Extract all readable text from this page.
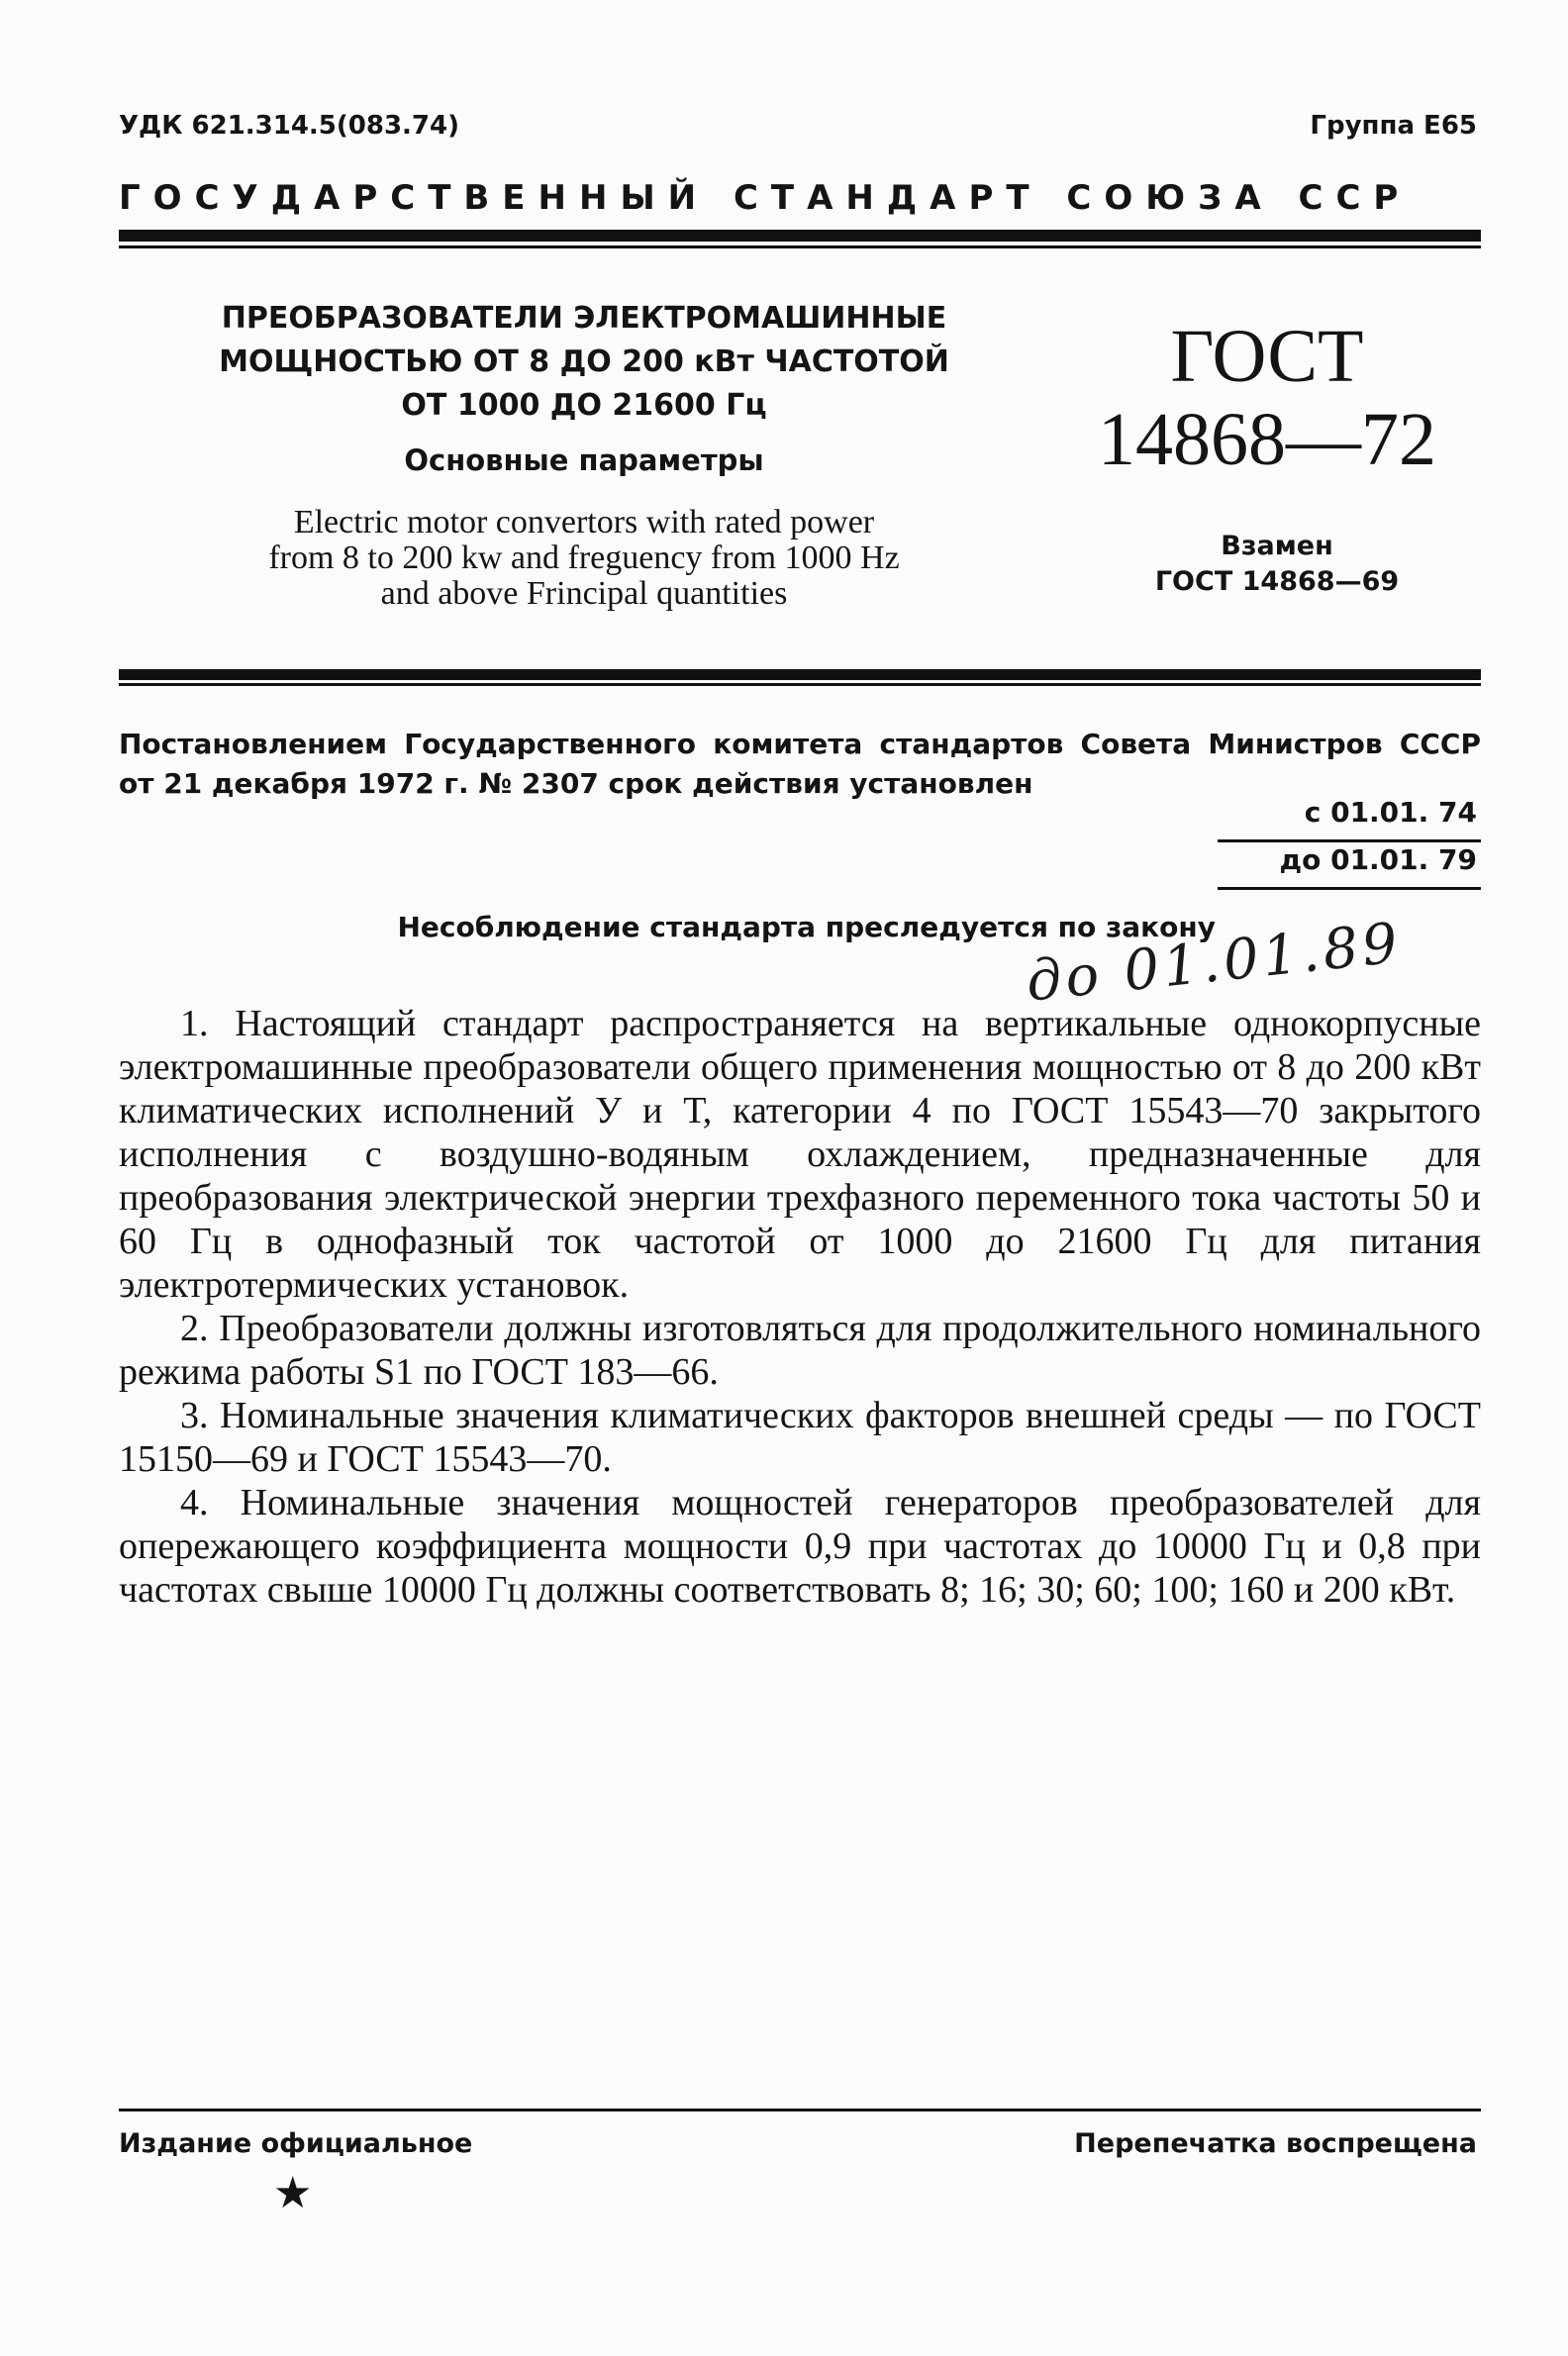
УДК 621.314.5(083.74)	Группа Е65
ГОСУДАРСТВЕННЫЙ СТАНДАРТ СОЮЗА ССР
ПРЕОБРАЗОВАТЕЛИ ЭЛЕКТРОМАШИННЫЕ
МОЩНОСТЬЮ ОТ 8 ДО 200 кВт ЧАСТОТОЙ
ОТ 1000 ДО 21600 Гц
Основные параметры
Electric motor convertors with rated power
from 8 to 200 kw and freguency from 1000 Hz
and above Frincipal quantities
ГОСТ
14868—72
Взамен
ГОСТ 14868—69
Постановлением Государственного комитета стандартов Совета Министров СССР от 21 декабря 1972 г. № 2307 срок действия установлен
с 01.01. 74
до 01.01. 79
Несоблюдение стандарта преследуется по закону
до 01.01.89

1. Настоящий стандарт распространяется на вертикальные однокорпусные электромашинные преобразователи общего применения мощностью от 8 до 200 кВт климатических исполнений У и Т, категории 4 по ГОСТ 15543—70 закрытого исполнения с воздушно-водяным охлаждением, предназначенные для преобразования электрической энергии трехфазного переменного тока частоты 50 и 60 Гц в однофазный ток частотой от 1000 до 21600 Гц для питания электротермических установок.

2. Преобразователи должны изготовляться для продолжительного номинального режима работы S1 по ГОСТ 183—66.

3. Номинальные значения климатических факторов внешней среды — по ГОСТ 15150—69 и ГОСТ 15543—70.

4. Номинальные значения мощностей генераторов преобразователей для опережающего коэффициента мощности 0,9 при частотах до 10000 Гц и 0,8 при частотах свыше 10000 Гц должны соответствовать 8; 16; 30; 60; 100; 160 и 200 кВт.

Издание официальное	Перепечатка воспрещена
★
